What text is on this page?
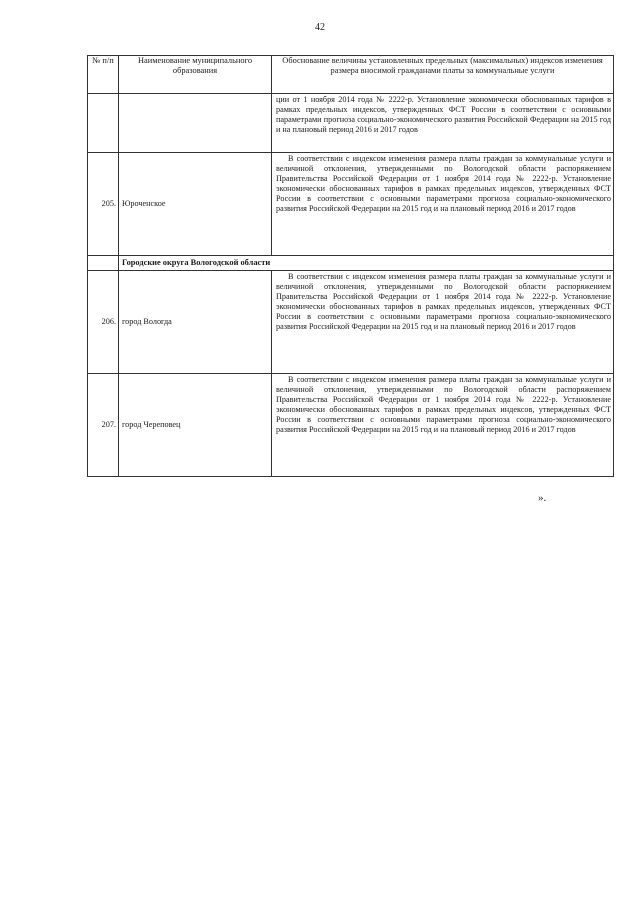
42
№ п/п	Наименование муниципального образования	Обоснование величины установленных предельных (максимальных) индексов изменения размера вносимой гражданами платы за коммунальные услуги
		ции от 1 ноября 2014 года № 2222-р. Установление экономически обоснованных тарифов в рамках предельных индексов, утвержденных ФСТ России в соответствии с основными параметрами прогноза социально-экономического развития Российской Федерации на 2015 год и на плановый период 2016 и 2017 годов
205.	Юроченское	В соответствии с индексом изменения размера платы граждан за коммунальные услуги и величиной отклонения, утвержденными по Вологодской области распоряжением Правительства Российской Федерации от 1 ноября 2014 года № 2222-р. Установление экономически обоснованных тарифов в рамках предельных индексов, утвержденных ФСТ России в соответствии с основными параметрами прогноза социально-экономического развития Российской Федерации на 2015 год и на плановый период 2016 и 2017 годов
	Городские округа Вологодской области	
206.	город Вологда	В соответствии с индексом изменения размера платы граждан за коммунальные услуги и величиной отклонения, утвержденными по Вологодской области распоряжением Правительства Российской Федерации от 1 ноября 2014 года № 2222-р. Установление экономически обоснованных тарифов в рамках предельных индексов, утвержденных ФСТ России в соответствии с основными параметрами прогноза социально-экономического развития Российской Федерации на 2015 год и на плановый период 2016 и 2017 годов
207.	город Череповец	В соответствии с индексом изменения размера платы граждан за коммунальные услуги и величиной отклонения, утвержденными по Вологодской области распоряжением Правительства Российской Федерации от 1 ноября 2014 года № 2222-р. Установление экономически обоснованных тарифов в рамках предельных индексов, утвержденных ФСТ России в соответствии с основными параметрами прогноза социально-экономического развития Российской Федерации на 2015 год и на плановый период 2016 и 2017 годов
».
